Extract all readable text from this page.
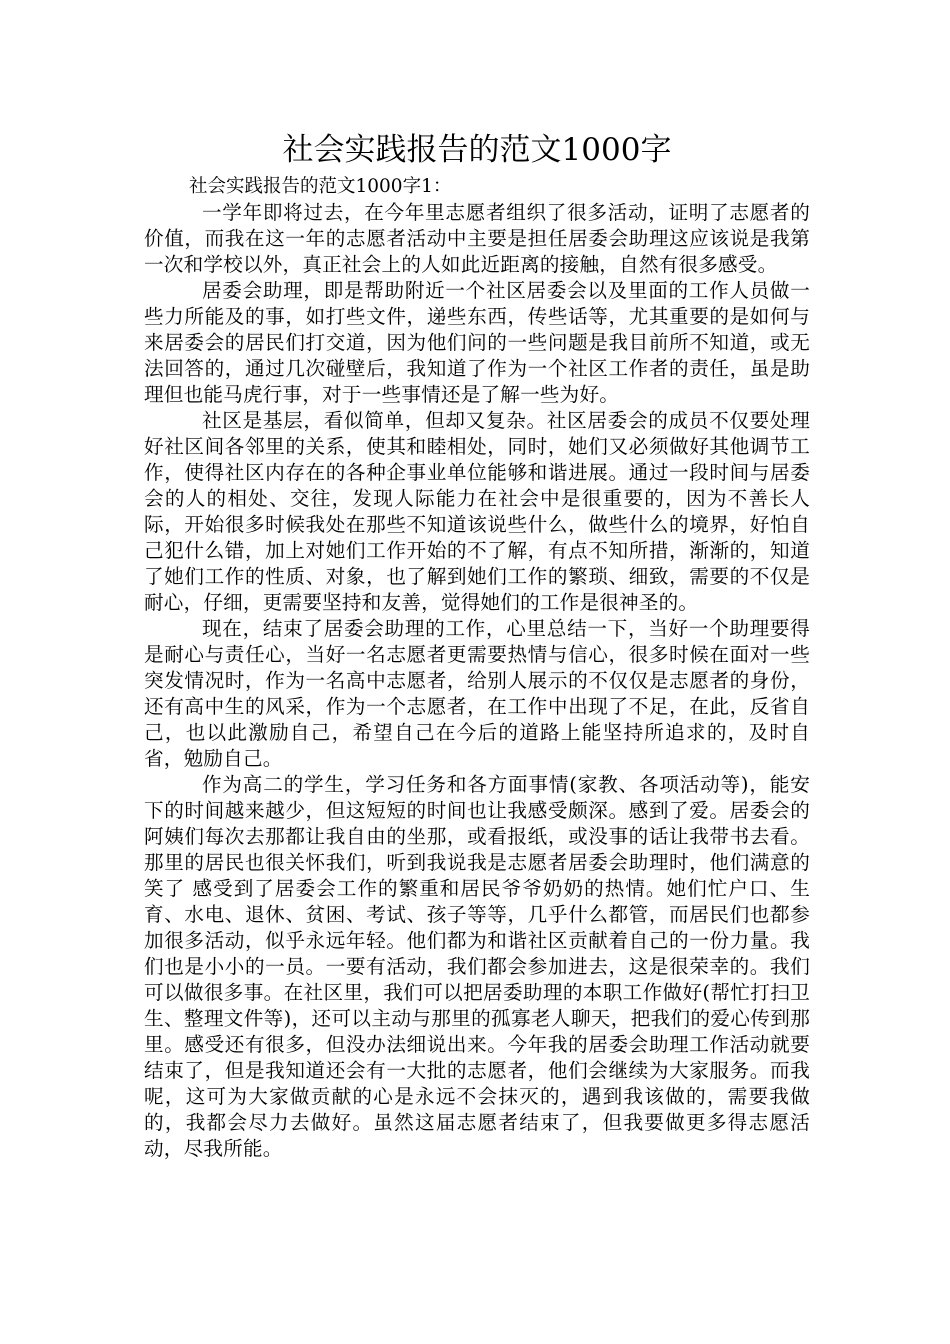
社会实践报告的范文1000字

社会实践报告的范文1000字1：

一学年即将过去，在今年里志愿者组织了很多活动，证明了志愿者的价值，而我在这一年的志愿者活动中主要是担任居委会助理这应该说是我第一次和学校以外，真正社会上的人如此近距离的接触，自然有很多感受。

居委会助理，即是帮助附近一个社区居委会以及里面的工作人员做一些力所能及的事，如打些文件，递些东西，传些话等，尤其重要的是如何与来居委会的居民们打交道，因为他们问的一些问题是我目前所不知道，或无法回答的，通过几次碰壁后，我知道了作为一个社区工作者的责任，虽是助理但也能马虎行事，对于一些事情还是了解一些为好。

社区是基层，看似简单，但却又复杂。社区居委会的成员不仅要处理好社区间各邻里的关系，使其和睦相处，同时，她们又必须做好其他调节工作，使得社区内存在的各种企事业单位能够和谐进展。通过一段时间与居委会的人的相处、交往，发现人际能力在社会中是很重要的，因为不善长人际，开始很多时候我处在那些不知道该说些什么，做些什么的境界，好怕自己犯什么错，加上对她们工作开始的不了解，有点不知所措，渐渐的，知道了她们工作的性质、对象，也了解到她们工作的繁琐、细致，需要的不仅是耐心，仔细，更需要坚持和友善，觉得她们的工作是很神圣的。

现在，结束了居委会助理的工作，心里总结一下，当好一个助理要得是耐心与责任心，当好一名志愿者更需要热情与信心，很多时候在面对一些突发情况时，作为一名高中志愿者，给别人展示的不仅仅是志愿者的身份，还有高中生的风采，作为一个志愿者，在工作中出现了不足，在此，反省自己，也以此激励自己，希望自己在今后的道路上能坚持所追求的，及时自省，勉励自己。

作为高二的学生，学习任务和各方面事情(家教、各项活动等)，能安下的时间越来越少，但这短短的时间也让我感受颇深。感到了爱。居委会的阿姨们每次去那都让我自由的坐那，或看报纸，或没事的话让我带书去看。那里的居民也很关怀我们，听到我说我是志愿者居委会助理时，他们满意的笑了 感受到了居委会工作的繁重和居民爷爷奶奶的热情。她们忙户口、生育、水电、退休、贫困、考试、孩子等等，几乎什么都管，而居民们也都参加很多活动，似乎永远年轻。他们都为和谐社区贡献着自己的一份力量。我们也是小小的一员。一要有活动，我们都会参加进去，这是很荣幸的。我们可以做很多事。在社区里，我们可以把居委助理的本职工作做好(帮忙打扫卫生、整理文件等)，还可以主动与那里的孤寡老人聊天，把我们的爱心传到那里。感受还有很多，但没办法细说出来。今年我的居委会助理工作活动就要结束了，但是我知道还会有一大批的志愿者，他们会继续为大家服务。而我呢，这可为大家做贡献的心是永远不会抹灭的，遇到我该做的，需要我做的，我都会尽力去做好。虽然这届志愿者结束了，但我要做更多得志愿活动，尽我所能。
